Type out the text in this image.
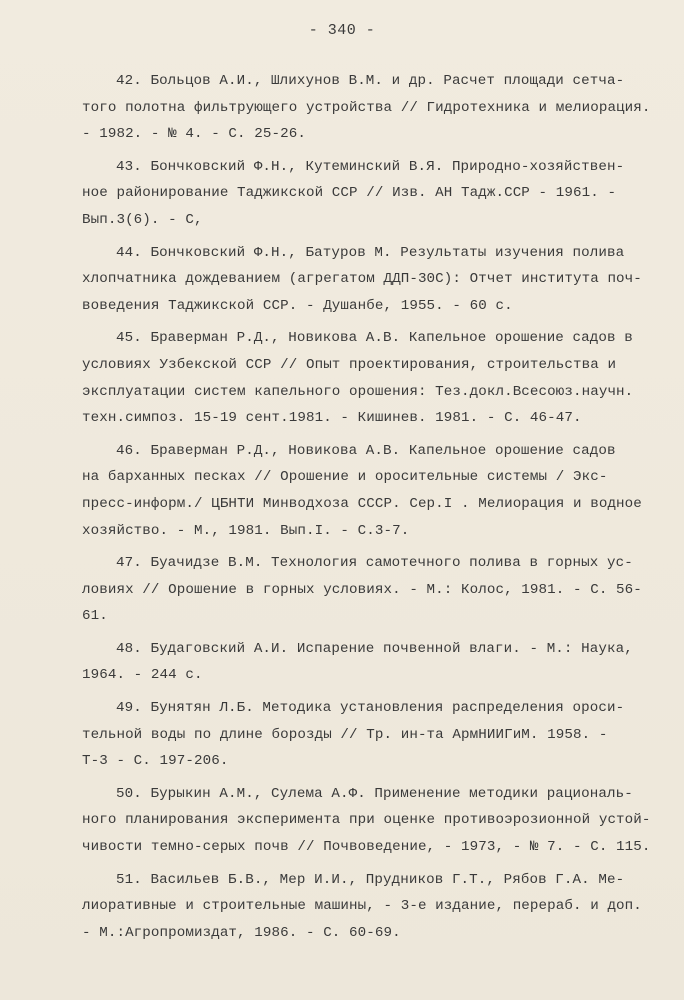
- 340 -
42. Больцов А.И., Шлихунов В.М. и др. Расчет площади сетча-
того полотна фильтрующего устройства // Гидротехника и мелиорация.
- 1982. - № 4. - С. 25-26.
43. Бончковский Ф.Н., Кутеминский В.Я. Природно-хозяйствен-
ное районирование Таджикской ССР // Изв. АН Тадж.ССР - 1961. -
Вып.3(6). - С,
44. Бончковский Ф.Н., Батуров М. Результаты изучения полива
хлопчатника дождеванием (агрегатом ДДП-30С): Отчет института поч-
воведения Таджикской ССР. - Душанбе, 1955. - 60 с.
45. Браверман Р.Д., Новикова А.В. Капельное орошение садов в
условиях Узбекской ССР // Опыт проектирования, строительства и
эксплуатации систем капельного орошения: Тез.докл.Всесоюз.научн.
техн.симпоз. 15-19 сент.1981. - Кишинев. 1981. - С. 46-47.
46. Браверман Р.Д., Новикова А.В. Капельное орошение садов
на барханных песках // Орошение и оросительные системы / Экс-
пресс-информ./ ЦБНТИ Минводхоза СССР. Сер.I . Мелиорация и водное
хозяйство. - М., 1981. Вып.I. - С.3-7.
47. Буачидзе В.М. Технология самотечного полива в горных ус-
ловиях // Орошение в горных условиях. - М.: Колос, 1981. - С. 56-
61.
48. Будаговский А.И. Испарение почвенной влаги. - М.: Наука,
1964. - 244 с.
49. Бунятян Л.Б. Методика установления распределения ороси-
тельной воды по длине борозды // Тр. ин-та АрмНИИГиМ. 1958. -
Т-3 - С. 197-206.
50. Бурыкин А.М., Сулема А.Ф. Применение методики рациональ-
ного планирования эксперимента при оценке противоэрозионной устой-
чивости темно-серых почв // Почвоведение, - 1973, - № 7. - С. 115.
51. Васильев Б.В., Мер И.И., Прудников Г.Т., Рябов Г.А. Ме-
лиоративные и строительные машины, - 3-е издание, перераб. и доп.
- М.:Агропромиздат, 1986. - С. 60-69.
